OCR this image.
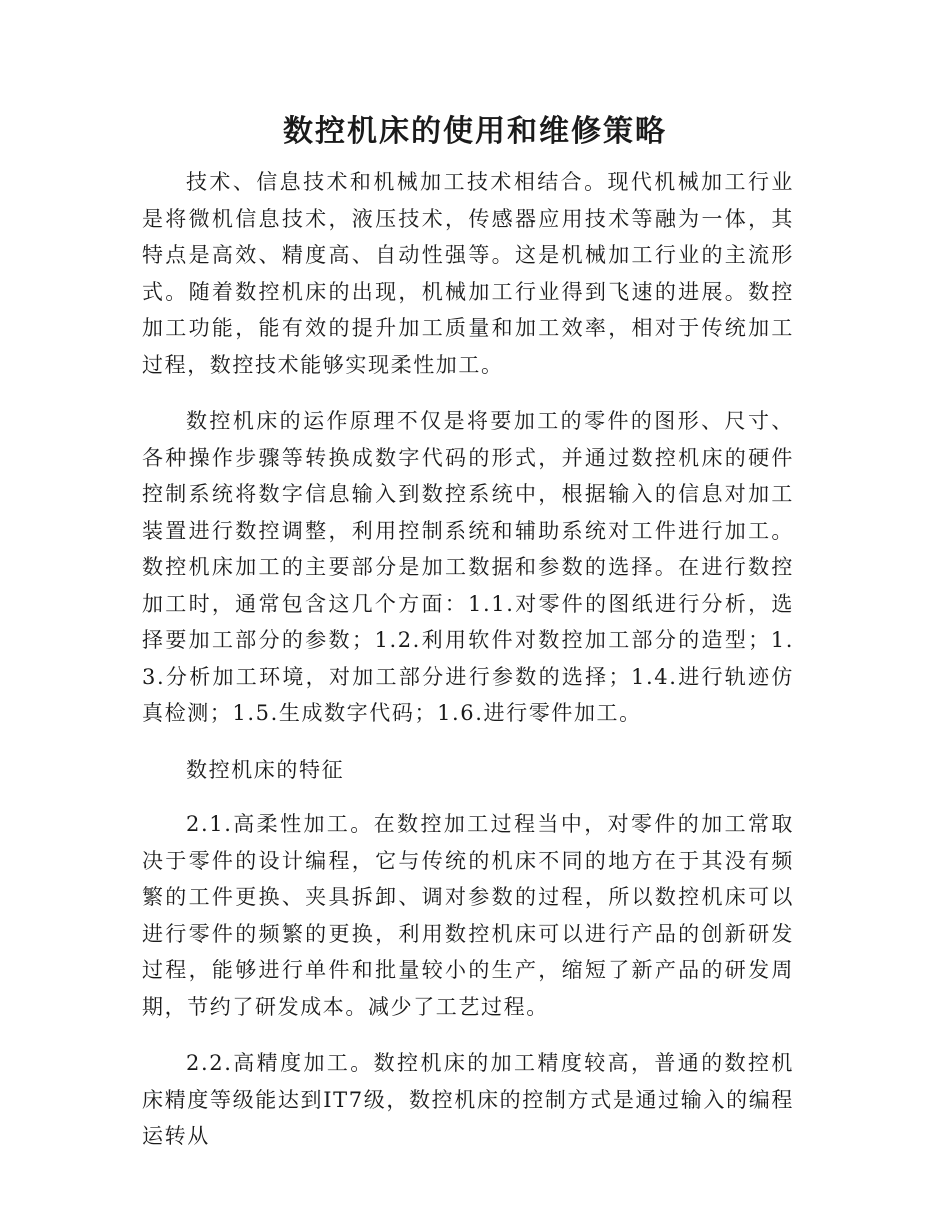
数控机床的使用和维修策略

技术、信息技术和机械加工技术相结合。现代机械加工行业是将微机信息技术，液压技术，传感器应用技术等融为一体，其特点是高效、精度高、自动性强等。这是机械加工行业的主流形式。随着数控机床的出现，机械加工行业得到飞速的进展。数控加工功能，能有效的提升加工质量和加工效率，相对于传统加工过程，数控技术能够实现柔性加工。

数控机床的运作原理不仅是将要加工的零件的图形、尺寸、各种操作步骤等转换成数字代码的形式，并通过数控机床的硬件控制系统将数字信息输入到数控系统中，根据输入的信息对加工装置进行数控调整，利用控制系统和辅助系统对工件进行加工。数控机床加工的主要部分是加工数据和参数的选择。在进行数控加工时，通常包含这几个方面：1.1.对零件的图纸进行分析，选择要加工部分的参数；1.2.利用软件对数控加工部分的造型；1.3.分析加工环境，对加工部分进行参数的选择；1.4.进行轨迹仿真检测；1.5.生成数字代码；1.6.进行零件加工。

数控机床的特征

2.1.高柔性加工。在数控加工过程当中，对零件的加工常取决于零件的设计编程，它与传统的机床不同的地方在于其没有频繁的工件更换、夹具拆卸、调对参数的过程，所以数控机床可以进行零件的频繁的更换，利用数控机床可以进行产品的创新研发过程，能够进行单件和批量较小的生产，缩短了新产品的研发周期，节约了研发成本。减少了工艺过程。

2.2.高精度加工。数控机床的加工精度较高，普通的数控机床精度等级能达到IT7级，数控机床的控制方式是通过输入的编程运转从
